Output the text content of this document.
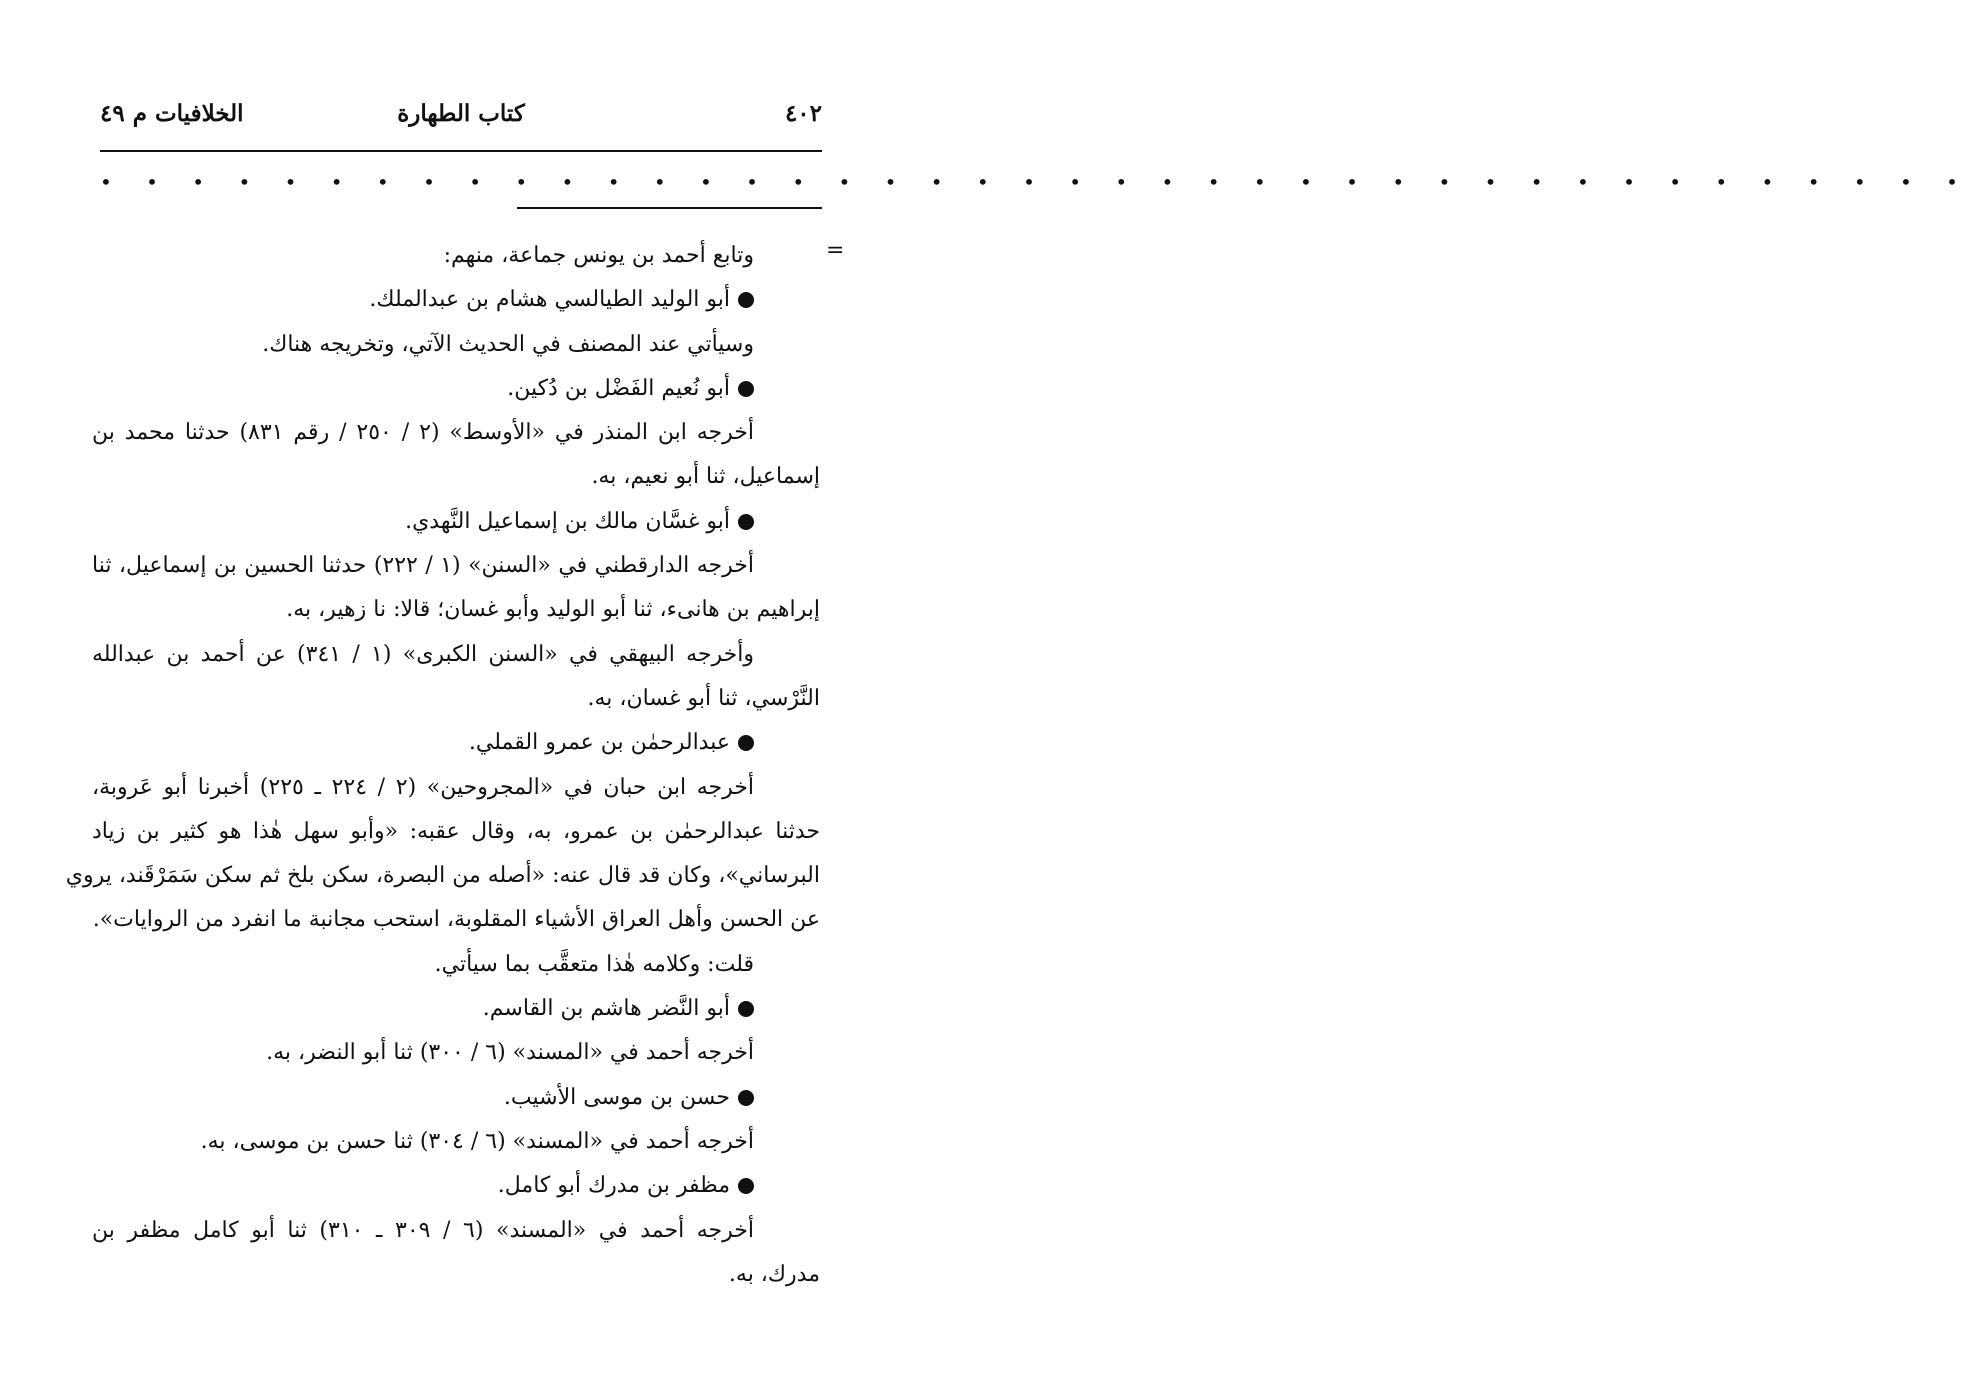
٤٠٢
كتاب الطهارة
الخلافيات م ٤٩
• • • • • • • • • • • • • • • • • • • • • • • • • • • • • • • • • • • • • • • • •
=
وتابع أحمد بن يونس جماعة، منهم:
أبو الوليد الطيالسي هشام بن عبدالملك.
وسيأتي عند المصنف في الحديث الآتي، وتخريجه هناك.
أبو نُعيم الفَضْل بن دُكين.
أخرجه ابن المنذر في «الأوسط» (٢ / ٢٥٠ / رقم ٨٣١) حدثنا محمد بن
إسماعيل، ثنا أبو نعيم، به.
أبو غسَّان مالك بن إسماعيل النَّهدي.
أخرجه الدارقطني في «السنن» (١ / ٢٢٢) حدثنا الحسين بن إسماعيل، ثنا
إبراهيم بن هانىء، ثنا أبو الوليد وأبو غسان؛ قالا: نا زهير، به.
وأخرجه البيهقي في «السنن الكبرى» (١ / ٣٤١) عن أحمد بن عبدالله
النَّرْسي، ثنا أبو غسان، به.
عبدالرحمٰن بن عمرو القملي.
أخرجه ابن حبان في «المجروحين» (٢ / ٢٢٤ ـ ٢٢٥) أخبرنا أبو عَروبة،
حدثنا عبدالرحمٰن بن عمرو، به، وقال عقبه: «وأبو سهل هٰذا هو كثير بن زياد
البرساني»، وكان قد قال عنه: «أصله من البصرة، سكن بلخ ثم سكن سَمَرْقَند، يروي
عن الحسن وأهل العراق الأشياء المقلوبة، استحب مجانبة ما انفرد من الروايات».
قلت: وكلامه هٰذا متعقَّب بما سيأتي.
أبو النَّضر هاشم بن القاسم.
أخرجه أحمد في «المسند» (٦ / ٣٠٠) ثنا أبو النضر، به.
حسن بن موسى الأشيب.
أخرجه أحمد في «المسند» (٦ / ٣٠٤) ثنا حسن بن موسى، به.
مظفر بن مدرك أبو كامل.
أخرجه أحمد في «المسند» (٦ / ٣٠٩ ـ ٣١٠) ثنا أبو كامل مظفر بن
مدرك، به.
